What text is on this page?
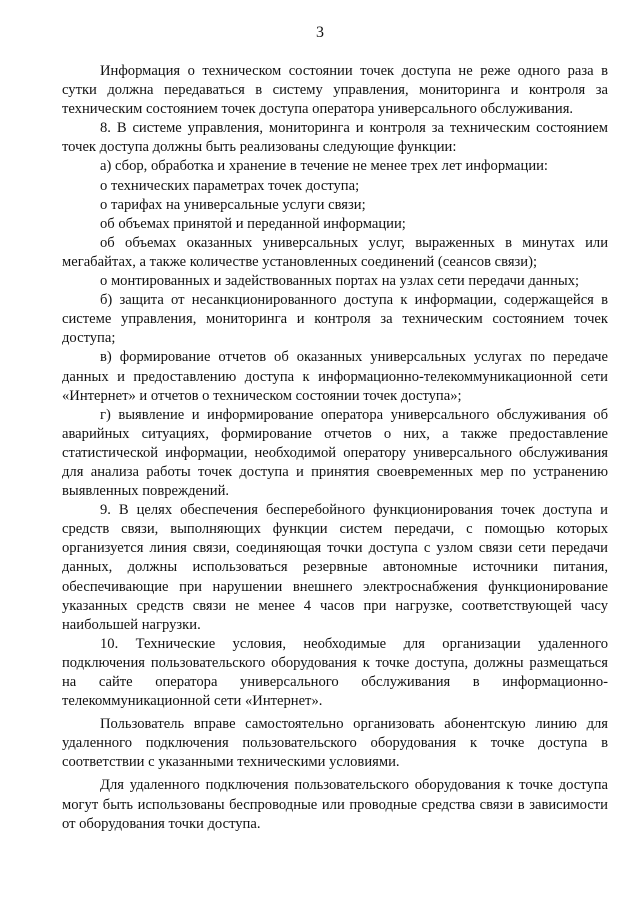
3

Информация о техническом состоянии точек доступа не реже одного раза в сутки должна передаваться в систему управления, мониторинга и контроля за техническим состоянием точек доступа оператора универсального обслуживания.

8. В системе управления, мониторинга и контроля за техническим состоянием точек доступа должны быть реализованы следующие функции:

а) сбор, обработка и хранение в течение не менее трех лет информации:

о технических параметрах точек доступа;

о тарифах на универсальные услуги связи;

об объемах принятой и переданной информации;

об объемах оказанных универсальных услуг, выраженных в минутах или мегабайтах, а также количестве установленных соединений (сеансов связи);

о монтированных и задействованных портах на узлах сети передачи данных;

б) защита от несанкционированного доступа к информации, содержащейся в системе управления, мониторинга и контроля за техническим состоянием точек доступа;

в) формирование отчетов об оказанных универсальных услугах по передаче данных и предоставлению доступа к информационно-телекоммуникационной сети «Интернет» и отчетов о техническом состоянии точек доступа»;

г) выявление и информирование оператора универсального обслуживания об аварийных ситуациях, формирование отчетов о них, а также предоставление статистической информации, необходимой оператору универсального обслуживания для анализа работы точек доступа и принятия своевременных мер по устранению выявленных повреждений.

9. В целях обеспечения бесперебойного функционирования точек доступа и средств связи, выполняющих функции систем передачи, с помощью которых организуется линия связи, соединяющая точки доступа с узлом связи сети передачи данных, должны использоваться резервные автономные источники питания, обеспечивающие при нарушении внешнего электроснабжения функционирование указанных средств связи не менее 4 часов при нагрузке, соответствующей часу наибольшей нагрузки.

10. Технические условия, необходимые для организации удаленного подключения пользовательского оборудования к точке доступа, должны размещаться на сайте оператора универсального обслуживания в информационно-телекоммуникационной сети «Интернет».

Пользователь вправе самостоятельно организовать абонентскую линию для удаленного подключения пользовательского оборудования к точке доступа в соответствии с указанными техническими условиями.

Для удаленного подключения пользовательского оборудования к точке доступа могут быть использованы беспроводные или проводные средства связи в зависимости от оборудования точки доступа.
